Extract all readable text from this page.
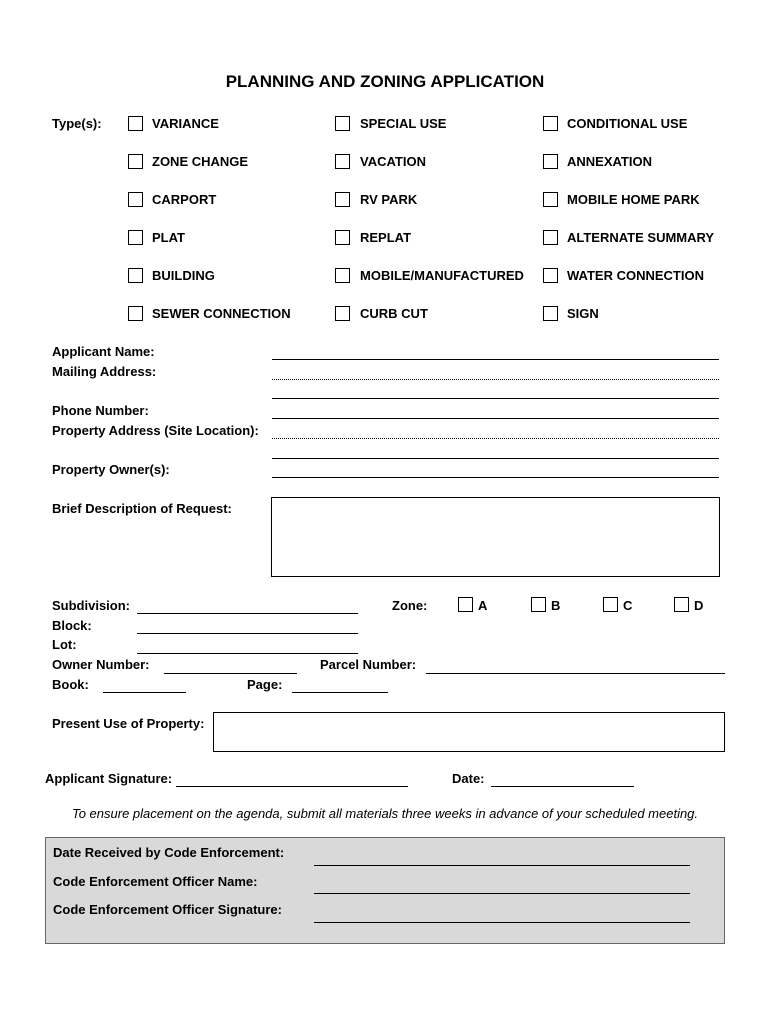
PLANNING AND ZONING APPLICATION
Type(s):	VARIANCE	SPECIAL USE	CONDITIONAL USE
ZONE CHANGE	VACATION	ANNEXATION
CARPORT	RV PARK	MOBILE HOME PARK
PLAT	REPLAT	ALTERNATE SUMMARY
BUILDING	MOBILE/MANUFACTURED	WATER CONNECTION
SEWER CONNECTION	CURB CUT	SIGN
Applicant Name:
Mailing Address:
Phone Number:
Property Address (Site Location):
Property Owner(s):
Brief Description of Request:
Subdivision:
Block:
Lot:
Zone:	A	B	C	D
Owner Number:	Parcel Number:
Book:	Page:
Present Use of Property:
Applicant Signature:	Date:
To ensure placement on the agenda, submit all materials three weeks in advance of your scheduled meeting.
Date Received by Code Enforcement:
Code Enforcement Officer Name:
Code Enforcement Officer Signature:
